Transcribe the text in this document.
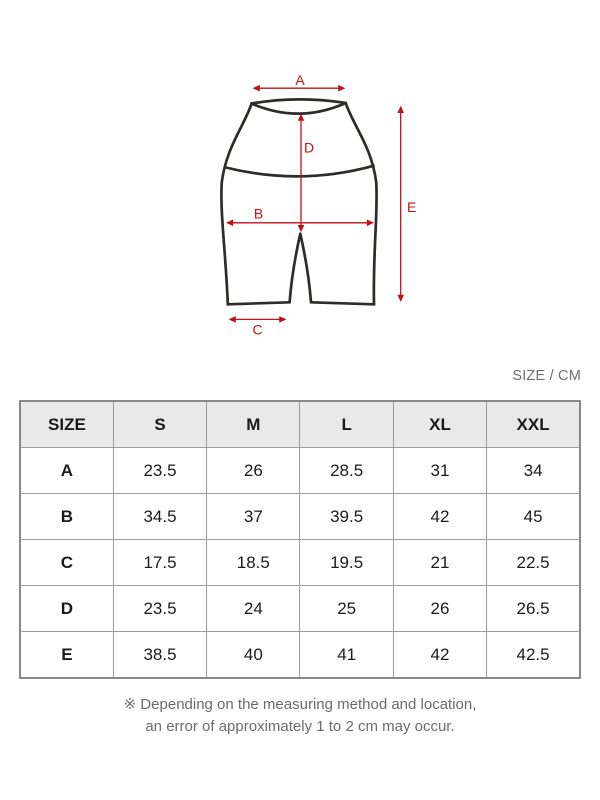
A
D
B
C
E
SIZE / CM
SIZE	S	M	L	XL	XXL
A	23.5	26	28.5	31	34
B	34.5	37	39.5	42	45
C	17.5	18.5	19.5	21	22.5
D	23.5	24	25	26	26.5
E	38.5	40	41	42	42.5
※ Depending on the measuring method and location,
an error of approximately 1 to 2 cm may occur.
